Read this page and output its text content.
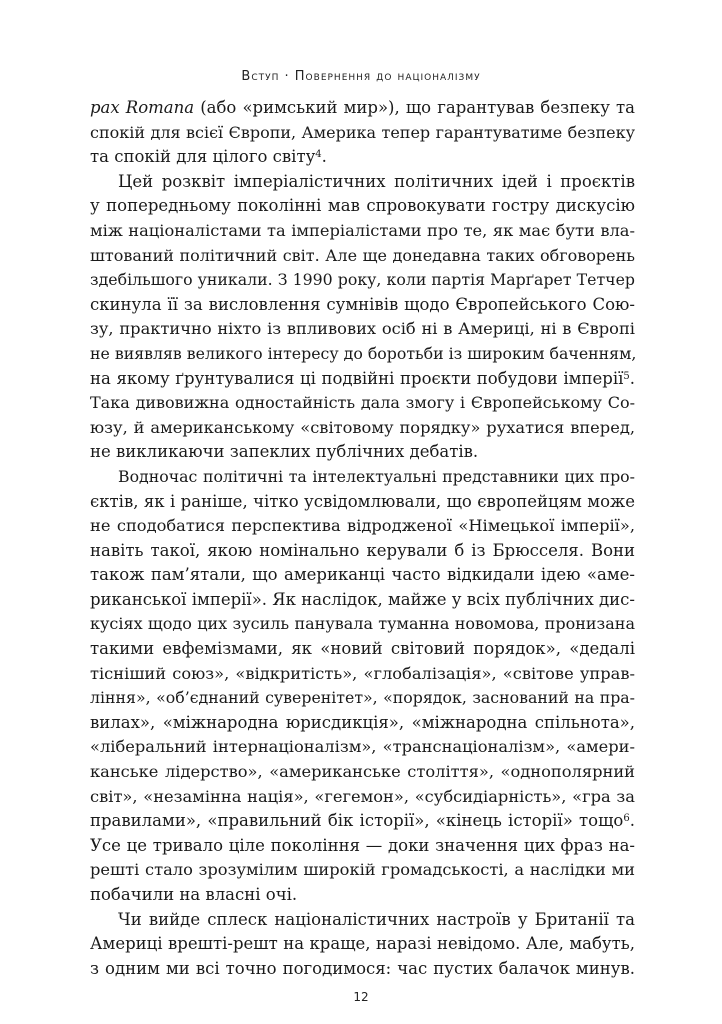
Вступ · Повернення до націоналізму
pax Romana (або «римський мир»), що гарантував безпеку та
спокій для всієї Європи, Америка тепер гарантуватиме безпеку
та спокій для цілого світу$^4$.
Цей розквіт імперіалістичних політичних ідей і проєктів
у попередньому поколінні мав спровокувати гостру дискусію
між націоналістами та імперіалістами про те, як має бути вла-
штований політичний світ. Але ще донедавна таких обговорень
здебільшого уникали. З 1990 року, коли партія Марґарет Тетчер
скинула її за висловлення сумнівів щодо Європейського Сою-
зу, практично ніхто із впливових осіб ні в Америці, ні в Європі
не виявляв великого інтересу до боротьби із широким баченням,
на якому ґрунтувалися ці подвійні проєкти побудови імперії$^5$.
Така дивовижна одностайність дала змогу і Європейському Со-
юзу, й американському «світовому порядку» рухатися вперед,
не викликаючи запеклих публічних дебатів.
Водночас політичні та інтелектуальні представники цих про-
єктів, як і раніше, чітко усвідомлювали, що європейцям може
не сподобатися перспектива відродженої «Німецької імперії»,
навіть такої, якою номінально керували б із Брюсселя. Вони
також пам’ятали, що американці часто відкидали ідею «аме-
риканської імперії». Як наслідок, майже у всіх публічних дис-
кусіях щодо цих зусиль панувала туманна новомова, пронизана
такими евфемізмами, як «новий світовий порядок», «дедалі
тісніший союз», «відкритість», «глобалізація», «світове управ-
ління», «об’єднаний суверенітет», «порядок, заснований на пра-
вилах», «міжнародна юрисдикція», «міжнародна спільнота»,
«ліберальний інтернаціоналізм», «транснаціоналізм», «амери-
канське лідерство», «американське століття», «однополярний
світ», «незамінна нація», «гегемон», «субсидіарність», «гра за
правилами», «правильний бік історії», «кінець історії» тощо$^6$.
Усе це тривало ціле покоління — доки значення цих фраз на-
решті стало зрозумілим широкій громадськості, а наслідки ми
побачили на власні очі.
Чи вийде сплеск націоналістичних настроїв у Британії та
Америці врешті-решт на краще, наразі невідомо. Але, мабуть,
з одним ми всі точно погодимося: час пустих балачок минув.
12
